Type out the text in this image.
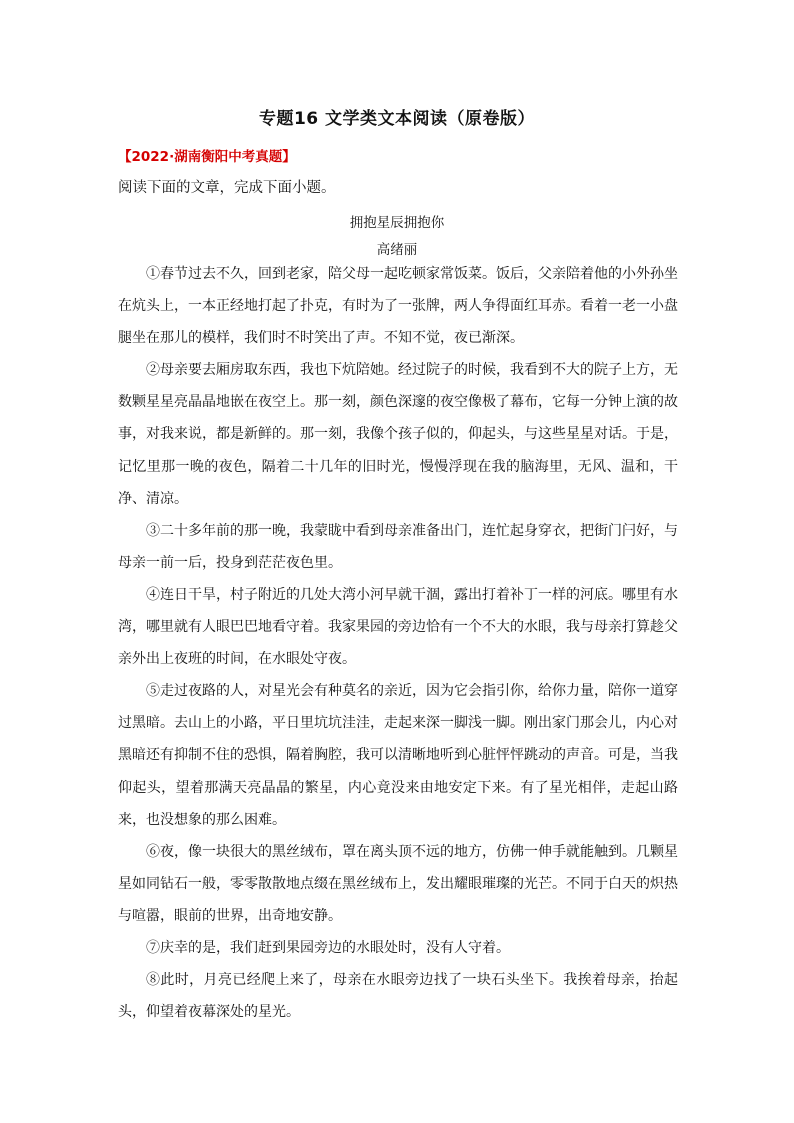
专题16 文学类文本阅读（原卷版）
【2022·湖南衡阳中考真题】
阅读下面的文章，完成下面小题。
拥抱星辰拥抱你
高绪丽

①春节过去不久，回到老家，陪父母一起吃顿家常饭菜。饭后，父亲陪着他的小外孙坐在炕头上，一本正经地打起了扑克，有时为了一张牌，两人争得面红耳赤。看着一老一小盘腿坐在那儿的模样，我们时不时笑出了声。不知不觉，夜已渐深。

②母亲要去厢房取东西，我也下炕陪她。经过院子的时候，我看到不大的院子上方，无数颗星星亮晶晶地嵌在夜空上。那一刻，颜色深邃的夜空像极了幕布，它每一分钟上演的故事，对我来说，都是新鲜的。那一刻，我像个孩子似的，仰起头，与这些星星对话。于是，记忆里那一晚的夜色，隔着二十几年的旧时光，慢慢浮现在我的脑海里，无风、温和，干净、清凉。

③二十多年前的那一晚，我蒙眬中看到母亲准备出门，连忙起身穿衣，把街门闩好，与母亲一前一后，投身到茫茫夜色里。

④连日干旱，村子附近的几处大湾小河早就干涸，露出打着补丁一样的河底。哪里有水湾，哪里就有人眼巴巴地看守着。我家果园的旁边恰有一个不大的水眼，我与母亲打算趁父亲外出上夜班的时间，在水眼处守夜。

⑤走过夜路的人，对星光会有种莫名的亲近，因为它会指引你，给你力量，陪你一道穿过黑暗。去山上的小路，平日里坑坑洼洼，走起来深一脚浅一脚。刚出家门那会儿，内心对黑暗还有抑制不住的恐惧，隔着胸腔，我可以清晰地听到心脏怦怦跳动的声音。可是，当我仰起头，望着那满天亮晶晶的繁星，内心竟没来由地安定下来。有了星光相伴，走起山路来，也没想象的那么困难。

⑥夜，像一块很大的黑丝绒布，罩在离头顶不远的地方，仿佛一伸手就能触到。几颗星星如同钻石一般，零零散散地点缀在黑丝绒布上，发出耀眼璀璨的光芒。不同于白天的炽热与喧嚣，眼前的世界，出奇地安静。

⑦庆幸的是，我们赶到果园旁边的水眼处时，没有人守着。

⑧此时，月亮已经爬上来了，母亲在水眼旁边找了一块石头坐下。我挨着母亲，抬起头，仰望着夜幕深处的星光。
